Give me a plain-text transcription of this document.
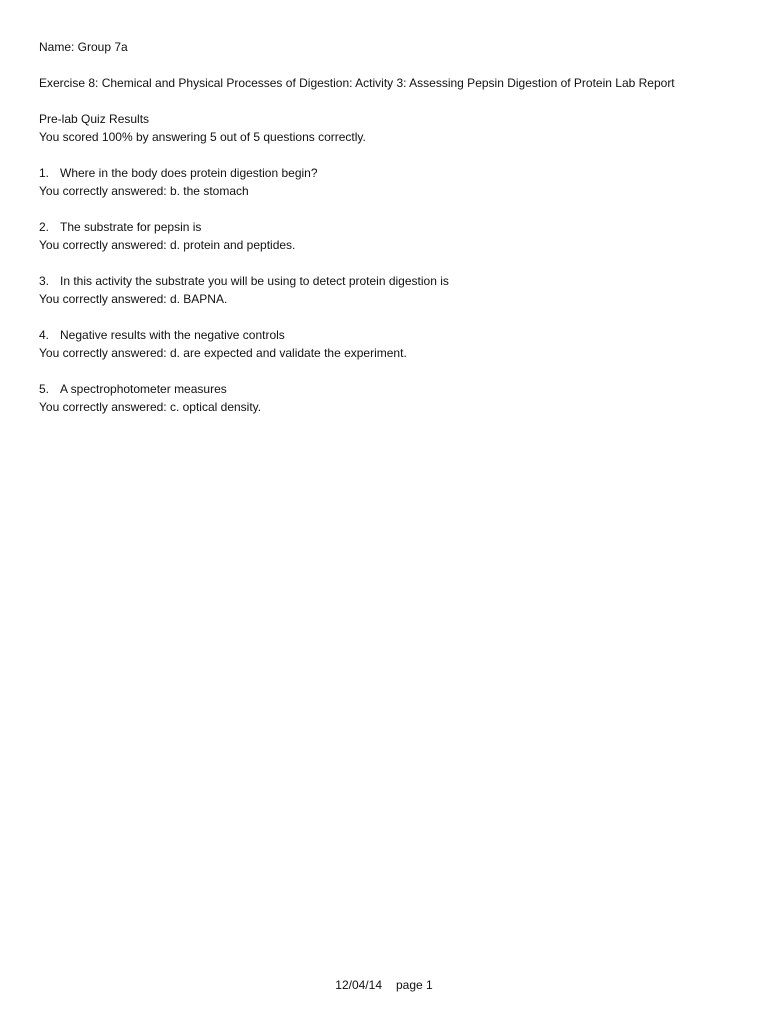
Name: Group 7a
Exercise 8: Chemical and Physical Processes of Digestion: Activity 3: Assessing Pepsin Digestion of Protein Lab Report
Pre-lab Quiz Results
You scored 100% by answering 5 out of 5 questions correctly.
1. Where in the body does protein digestion begin?
You correctly answered: b. the stomach
2. The substrate for pepsin is
You correctly answered: d. protein and peptides.
3. In this activity the substrate you will be using to detect protein digestion is
You correctly answered: d. BAPNA.
4. Negative results with the negative controls
You correctly answered: d. are expected and validate the experiment.
5. A spectrophotometer measures
You correctly answered: c. optical density.
12/04/14 page 1
